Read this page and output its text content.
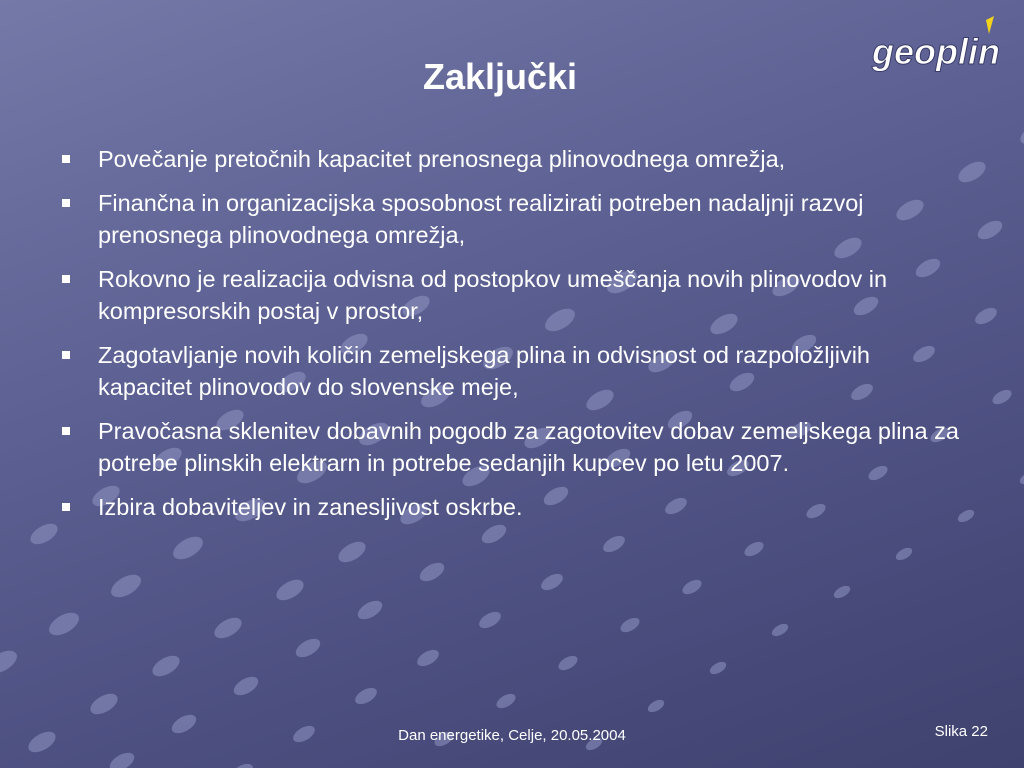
Zaključki
geoplin
Povečanje pretočnih kapacitet prenosnega plinovodnega omrežja,
Finančna in organizacijska sposobnost realizirati potreben nadaljnji razvoj prenosnega plinovodnega omrežja,
Rokovno je realizacija odvisna od postopkov umeščanja novih plinovodov in kompresorskih postaj v prostor,
Zagotavljanje novih količin zemeljskega plina in odvisnost od razpoložljivih kapacitet plinovodov do slovenske meje,
Pravočasna sklenitev dobavnih pogodb za zagotovitev dobav zemeljskega plina za potrebe plinskih elektrarn in potrebe sedanjih kupcev po letu 2007.
Izbira dobaviteljev in zanesljivost oskrbe.
Dan energetike, Celje, 20.05.2004	Slika 22
